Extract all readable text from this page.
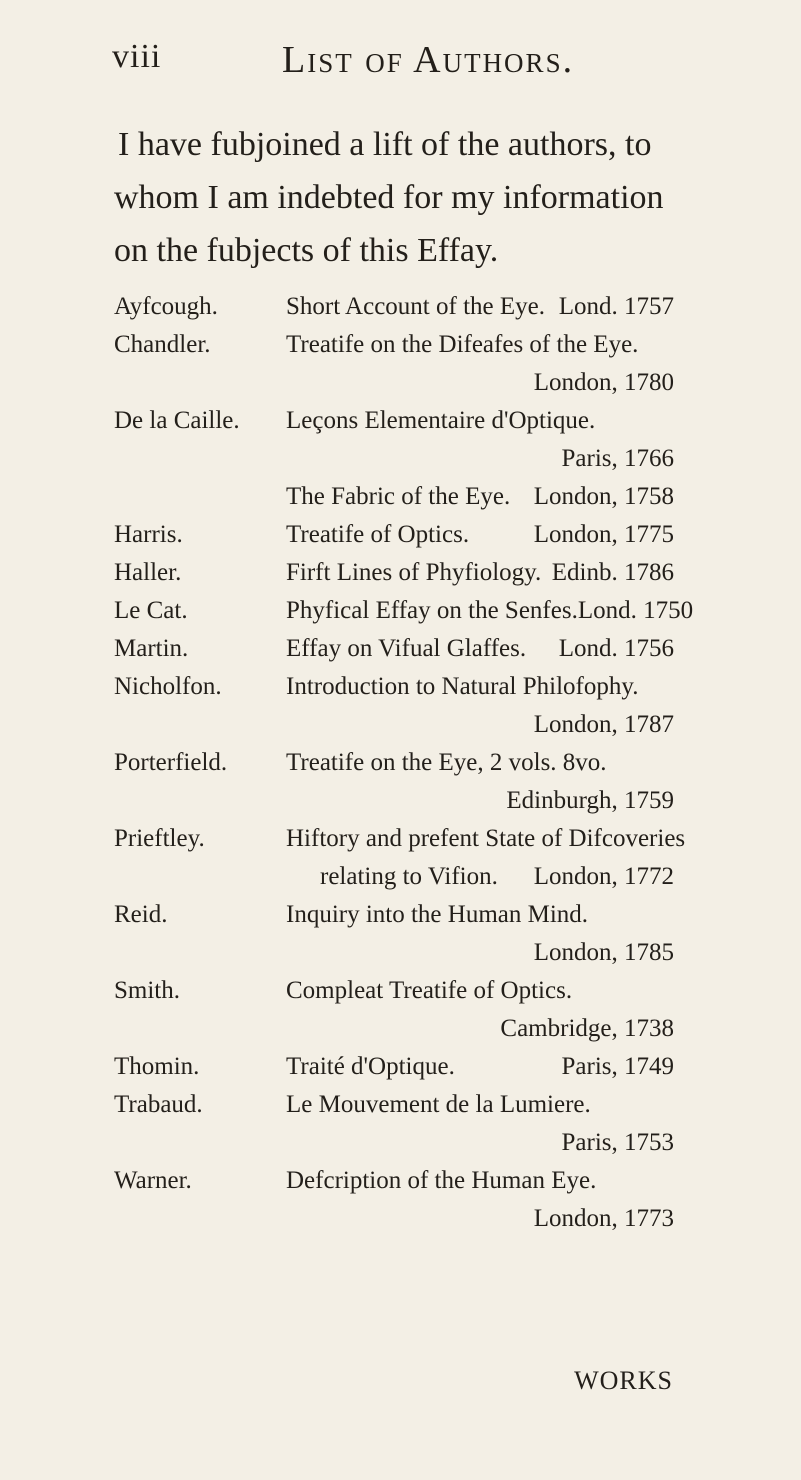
viii	List of Authors.

I have fubjoined a lift of the authors, to whom I am indebted for my information on the fubjects of this Effay.

Ayfcough.	Short Account of the Eye. Lond. 1757
Chandler.	Treatife on the Difeafes of the Eye.
London, 1780
De la Caille. Leçons Elementaire d'Optique.
Paris, 1766
The Fabric of the Eye. London, 1758
Harris.	Treatife of Optics.	London, 1775
Haller.	Firft Lines of Phyfiology. Edinb. 1786
Le Cat.	Phyfical Effay on the Senfes. Lond. 1750
Martin.	Effay on Vifual Glaffes. Lond. 1756
Nicholfon.	Introduction to Natural Philofophy.
London, 1787
Porterfield. Treatife on the Eye, 2 vols. 8vo.
Edinburgh, 1759
Prieftley.	Hiftory and prefent State of Difcoveries
relating to Vifion. London, 1772
Reid.	Inquiry into the Human Mind.
London, 1785
Smith.	Compleat Treatife of Optics.
Cambridge, 1738
Thomin.	Traité d'Optique.	Paris, 1749
Trabaud.	Le Mouvement de la Lumiere.
Paris, 1753
Warner.	Defcription of the Human Eye.
London, 1773
WORKS
